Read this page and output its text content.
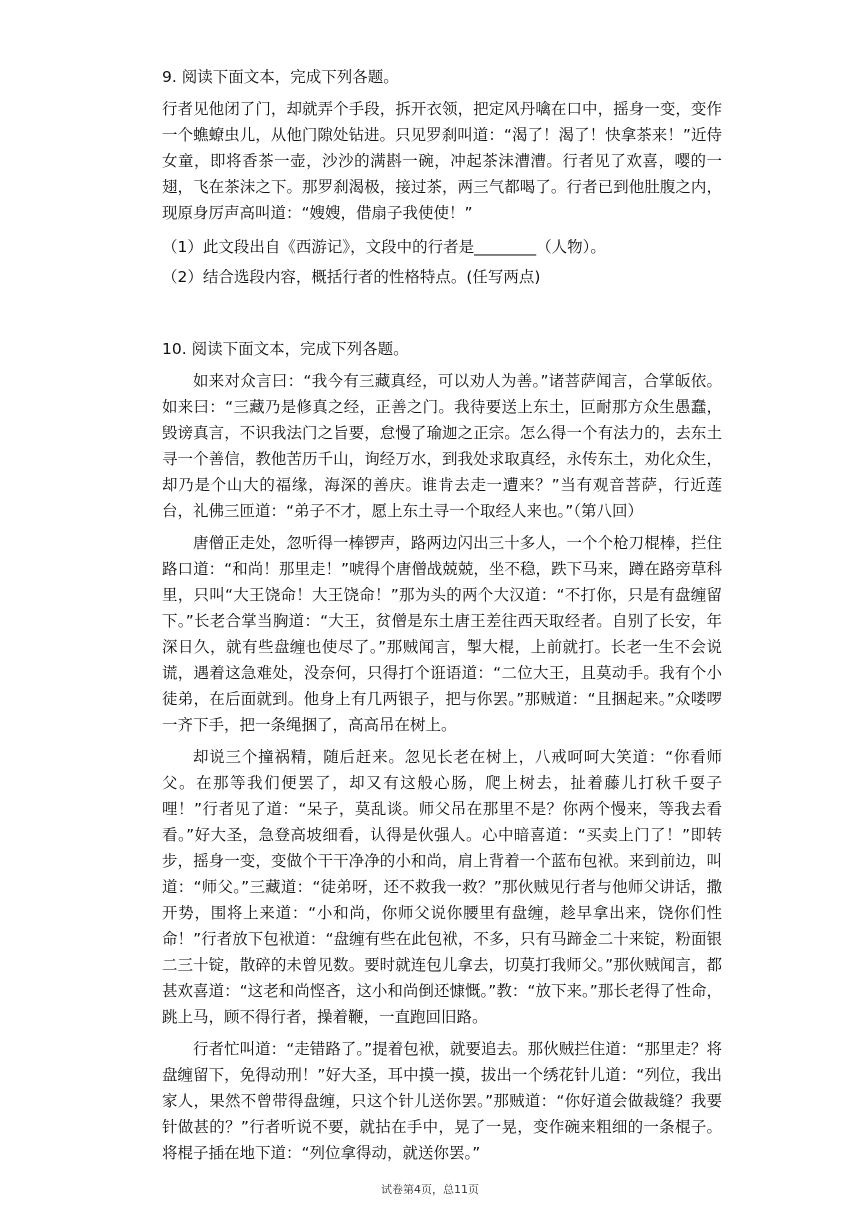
9. 阅读下面文本，完成下列各题。

行者见他闭了门，却就弄个手段，拆开衣领，把定风丹噙在口中，摇身一变，变作一个蟭蟟虫儿，从他门隙处钻进。只见罗刹叫道：“渴了！渴了！快拿茶来！”近侍女童，即将香茶一壶，沙沙的满斟一碗，冲起茶沫漕漕。行者见了欢喜，嘤的一翅，飞在茶沫之下。那罗刹渴极，接过茶，两三气都喝了。行者已到他肚腹之内，现原身厉声高叫道：“嫂嫂，借扇子我使使！”

（1）此文段出自《西游记》，文段中的行者是________（人物）。

（2）结合选段内容，概括行者的性格特点。(任写两点)

10. 阅读下面文本，完成下列各题。

如来对众言曰：“我今有三藏真经，可以劝人为善。”诸菩萨闻言，合掌皈依。如来曰：“三藏乃是修真之经，正善之门。我待要送上东土，叵耐那方众生愚蠢，毁谤真言，不识我法门之旨要，怠慢了瑜迦之正宗。怎么得一个有法力的，去东土寻一个善信，教他苦历千山，询经万水，到我处求取真经，永传东土，劝化众生，却乃是个山大的福缘，海深的善庆。谁肯去走一遭来？”当有观音菩萨，行近莲台，礼佛三匝道：“弟子不才，愿上东土寻一个取经人来也。”（第八回）

唐僧正走处，忽听得一棒锣声，路两边闪出三十多人，一个个枪刀棍棒，拦住路口道：“和尚！那里走！”唬得个唐僧战兢兢，坐不稳，跌下马来，蹲在路旁草科里，只叫“大王饶命！大王饶命！”那为头的两个大汉道：“不打你，只是有盘缠留下。”长老合掌当胸道：“大王，贫僧是东土唐王差往西天取经者。自别了长安，年深日久，就有些盘缠也使尽了。”那贼闻言，掣大棍，上前就打。长老一生不会说谎，遇着这急难处，没奈何，只得打个诳语道：“二位大王，且莫动手。我有个小徒弟，在后面就到。他身上有几两银子，把与你罢。”那贼道：“且捆起来。”众喽啰一齐下手，把一条绳捆了，高高吊在树上。

却说三个撞祸精，随后赶来。忽见长老在树上，八戒呵呵大笑道：“你看师父。在那等我们便罢了，却又有这般心肠，爬上树去，扯着藤儿打秋千耍子哩！”行者见了道：“呆子，莫乱谈。师父吊在那里不是？你两个慢来，等我去看看。”好大圣，急登高坡细看，认得是伙强人。心中暗喜道：“买卖上门了！”即转步，摇身一变，变做个干干净净的小和尚，肩上背着一个蓝布包袱。来到前边，叫道：“师父。”三藏道：“徒弟呀，还不救我一救？”那伙贼见行者与他师父讲话，撒开势，围将上来道：“小和尚，你师父说你腰里有盘缠，趁早拿出来，饶你们性命！”行者放下包袱道：“盘缠有些在此包袱，不多，只有马蹄金二十来锭，粉面银二三十锭，散碎的未曾见数。要时就连包儿拿去，切莫打我师父。”那伙贼闻言，都甚欢喜道：“这老和尚悭吝，这小和尚倒还慷慨。”教：“放下来。”那长老得了性命，跳上马，顾不得行者，操着鞭，一直跑回旧路。

行者忙叫道：“走错路了。”提着包袱，就要追去。那伙贼拦住道：“那里走？将盘缠留下，免得动刑！”好大圣，耳中摸一摸，拔出一个绣花针儿道：“列位，我出家人，果然不曾带得盘缠，只这个针儿送你罢。”那贼道：“你好道会做裁缝？我要针做甚的？”行者听说不要，就拈在手中，晃了一晃，变作碗来粗细的一条棍子。将棍子插在地下道：“列位拿得动，就送你罢。”

试卷第4页，总11页
